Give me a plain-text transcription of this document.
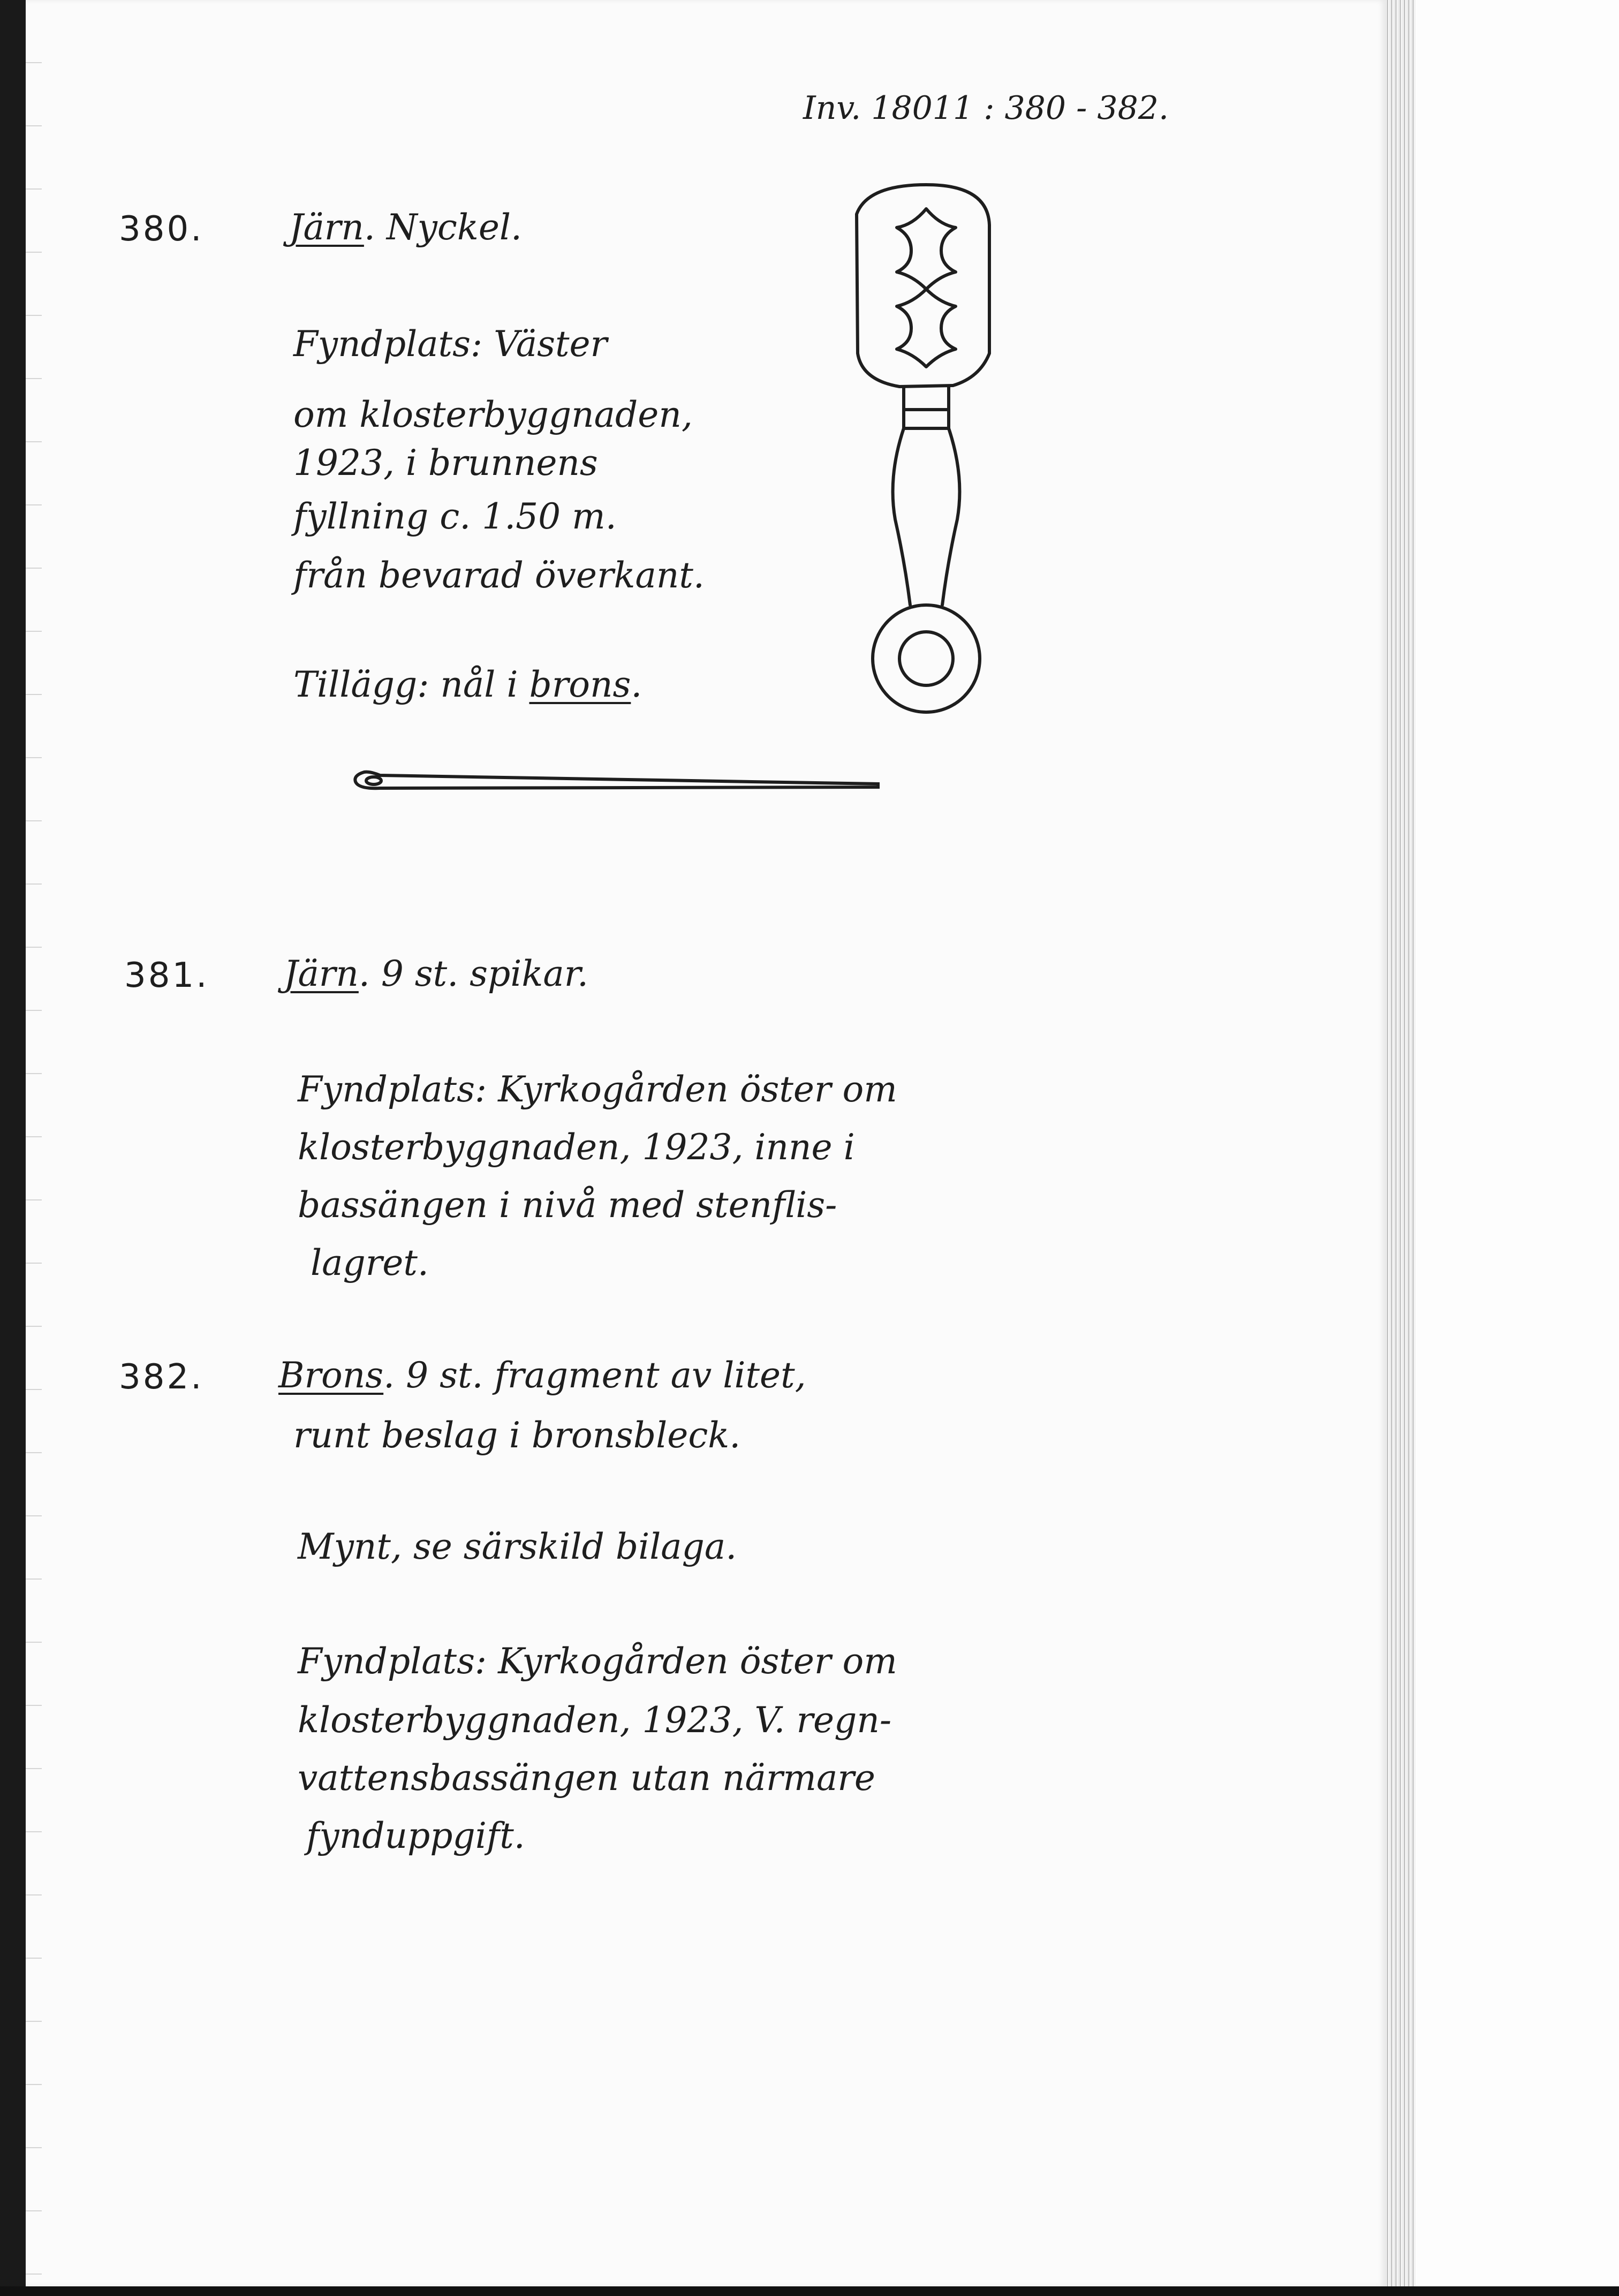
Inv. 18011 : 380 - 382.
380. Järn. Nyckel.
Fyndplats: Väster
om klosterbyggnaden,
1923, i brunnens
fyllning c. 1.50 m.
från bevarad överkant.
Tillägg: nål i brons.
381. Järn. 9 st. spikar.
Fyndplats: Kyrkogården öster om
klosterbyggnaden, 1923, inne i
bassängen i nivå med stenflis-
lagret.
382. Brons. 9 st. fragment av litet,
runt beslag i bronsbleck.
Mynt, se särskild bilaga.
Fyndplats: Kyrkogården öster om
klosterbyggnaden, 1923, V. regn-
vattensbassängen utan närmare
fynduppgift.
